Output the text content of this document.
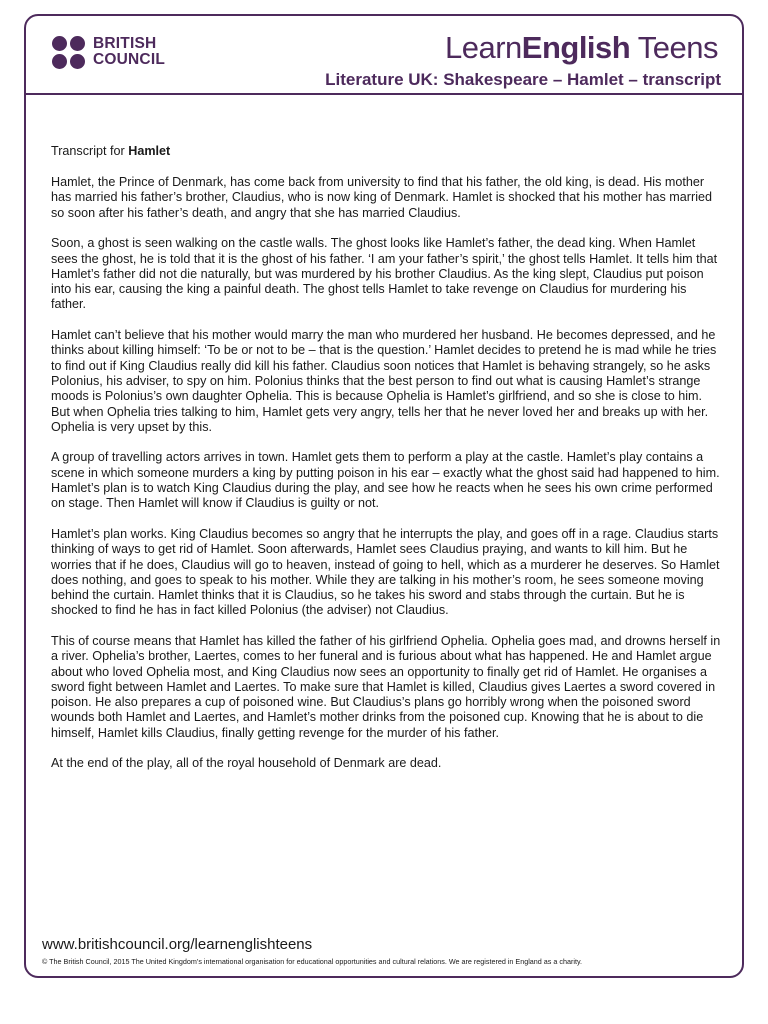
BRITISH
COUNCIL	LearnEnglish Teens
Literature UK: Shakespeare – Hamlet – transcript

Transcript for Hamlet

Hamlet, the Prince of Denmark, has come back from university to find that his father, the old king, is dead. His mother has married his father’s brother, Claudius, who is now king of Denmark. Hamlet is shocked that his mother has married so soon after his father’s death, and angry that she has married Claudius.

Soon, a ghost is seen walking on the castle walls. The ghost looks like Hamlet’s father, the dead king. When Hamlet sees the ghost, he is told that it is the ghost of his father. ‘I am your father’s spirit,’ the ghost tells Hamlet. It tells him that Hamlet’s father did not die naturally, but was murdered by his brother Claudius. As the king slept, Claudius put poison into his ear, causing the king a painful death. The ghost tells Hamlet to take revenge on Claudius for murdering his father.

Hamlet can’t believe that his mother would marry the man who murdered her husband. He becomes depressed, and he thinks about killing himself: ‘To be or not to be – that is the question.’ Hamlet decides to pretend he is mad while he tries to find out if King Claudius really did kill his father. Claudius soon notices that Hamlet is behaving strangely, so he asks Polonius, his adviser, to spy on him. Polonius thinks that the best person to find out what is causing Hamlet’s strange moods is Polonius’s own daughter Ophelia. This is because Ophelia is Hamlet’s girlfriend, and so she is close to him. But when Ophelia tries talking to him, Hamlet gets very angry, tells her that he never loved her and breaks up with her. Ophelia is very upset by this.

A group of travelling actors arrives in town. Hamlet gets them to perform a play at the castle. Hamlet’s play contains a scene in which someone murders a king by putting poison in his ear – exactly what the ghost said had happened to him. Hamlet’s plan is to watch King Claudius during the play, and see how he reacts when he sees his own crime performed on stage. Then Hamlet will know if Claudius is guilty or not.

Hamlet’s plan works. King Claudius becomes so angry that he interrupts the play, and goes off in a rage. Claudius starts thinking of ways to get rid of Hamlet. Soon afterwards, Hamlet sees Claudius praying, and wants to kill him. But he worries that if he does, Claudius will go to heaven, instead of going to hell, which as a murderer he deserves. So Hamlet does nothing, and goes to speak to his mother. While they are talking in his mother’s room, he sees someone moving behind the curtain. Hamlet thinks that it is Claudius, so he takes his sword and stabs through the curtain. But he is shocked to find he has in fact killed Polonius (the adviser) not Claudius.

This of course means that Hamlet has killed the father of his girlfriend Ophelia. Ophelia goes mad, and drowns herself in a river. Ophelia’s brother, Laertes, comes to her funeral and is furious about what has happened. He and Hamlet argue about who loved Ophelia most, and King Claudius now sees an opportunity to finally get rid of Hamlet. He organises a sword fight between Hamlet and Laertes. To make sure that Hamlet is killed, Claudius gives Laertes a sword covered in poison. He also prepares a cup of poisoned wine. But Claudius’s plans go horribly wrong when the poisoned sword wounds both Hamlet and Laertes, and Hamlet’s mother drinks from the poisoned cup. Knowing that he is about to die himself, Hamlet kills Claudius, finally getting revenge for the murder of his father.

At the end of the play, all of the royal household of Denmark are dead.

www.britishcouncil.org/learnenglishteens
© The British Council, 2015 The United Kingdom’s international organisation for educational opportunities and cultural relations. We are registered in England as a charity.
